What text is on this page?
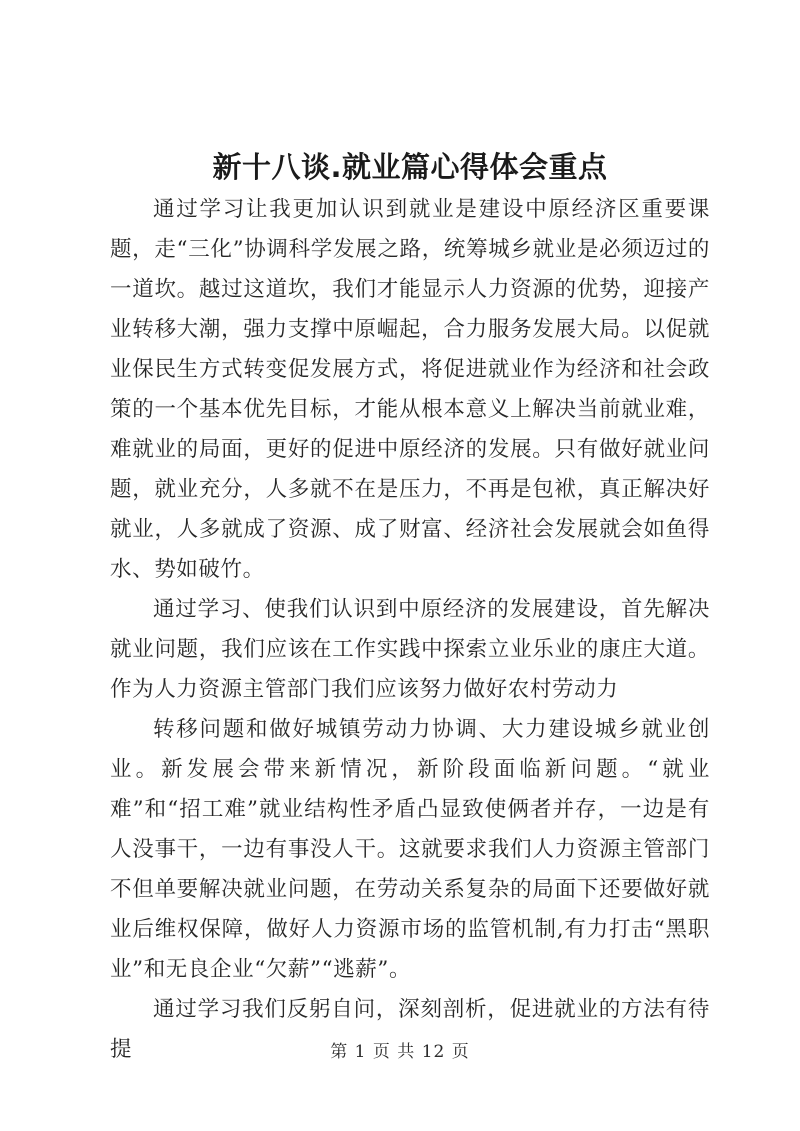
新十八谈.就业篇心得体会重点

通过学习让我更加认识到就业是建设中原经济区重要课题，走“三化”协调科学发展之路，统筹城乡就业是必须迈过的一道坎。越过这道坎，我们才能显示人力资源的优势，迎接产业转移大潮，强力支撑中原崛起，合力服务发展大局。以促就业保民生方式转变促发展方式，将促进就业作为经济和社会政策的一个基本优先目标，才能从根本意义上解决当前就业难，难就业的局面，更好的促进中原经济的发展。只有做好就业问题，就业充分，人多就不在是压力，不再是包袱，真正解决好就业，人多就成了资源、成了财富、经济社会发展就会如鱼得水、势如破竹。

通过学习、使我们认识到中原经济的发展建设，首先解决就业问题，我们应该在工作实践中探索立业乐业的康庄大道。作为人力资源主管部门我们应该努力做好农村劳动力

转移问题和做好城镇劳动力协调、大力建设城乡就业创业。新发展会带来新情况，新阶段面临新问题。“就业难”和“招工难”就业结构性矛盾凸显致使俩者并存，一边是有人没事干，一边有事没人干。这就要求我们人力资源主管部门不但单要解决就业问题，在劳动关系复杂的局面下还要做好就业后维权保障，做好人力资源市场的监管机制,有力打击“黑职业”和无良企业“欠薪”“逃薪”。

通过学习我们反躬自问，深刻剖析，促进就业的方法有待提	第 1 页 共 12 页
